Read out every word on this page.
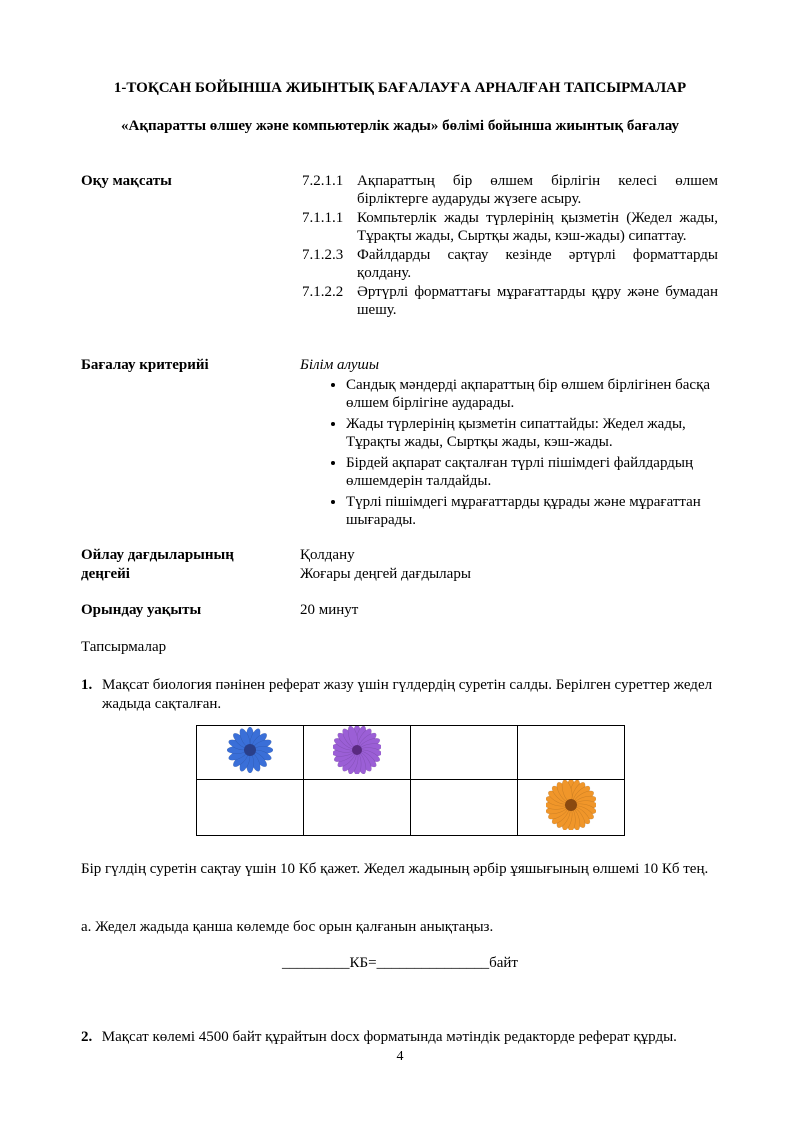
1-ТОҚСАН БОЙЫНША ЖИЫНТЫҚ БАҒАЛАУҒА АРНАЛҒАН ТАПСЫРМАЛАР
«Ақпаратты өлшеу және компьютерлік жады» бөлімі бойынша жиынтық бағалау
Оқу мақсаты	7.2.1.1 Ақпараттың бір өлшем бірлігін келесі өлшем бірліктерге аударуды жүзеге асыру.
7.1.1.1 Компьтерлік жады түрлерінің қызметін (Жедел жады, Тұрақты жады, Сыртқы жады, кэш-жады) сипаттау.
7.1.2.3 Файлдарды сақтау кезінде әртүрлі форматтарды қолдану.
7.1.2.2 Әртүрлі форматтағы мұрағаттарды құру және бумадан шешу.
Бағалау критерийі	Білім алушы
• Сандық мәндерді ақпараттың бір өлшем бірлігінен басқа өлшем бірлігіне аударады.
• Жады түрлерінің қызметін сипаттайды: Жедел жады, Тұрақты жады, Сыртқы жады, кэш-жады.
• Бірдей ақпарат сақталған түрлі пішімдегі файлдардың өлшемдерін талдайды.
• Түрлі пішімдегі мұрағаттарды құрады және мұрағаттан шығарады.
Ойлау дағдыларының
деңгейі
Қолдану
Жоғары деңгей дағдылары
Орындау уақыты	20 минут
Тапсырмалар
1. Мақсат биология пәнінен реферат жазу үшін гүлдердің суретін салды. Берілген суреттер жедел жадыда сақталған.

Бір гүлдің суретін сақтау үшін 10 Кб қажет. Жедел жадының әрбір ұяшығының өлшемі 10 Кб тең.
а. Жедел жадыда қанша көлемде бос орын қалғанын анықтаңыз.
_________КБ=_______________байт
2. Мақсат көлемі 4500 байт құрайтын docx форматында мәтіндік редакторде реферат құрды.
4
